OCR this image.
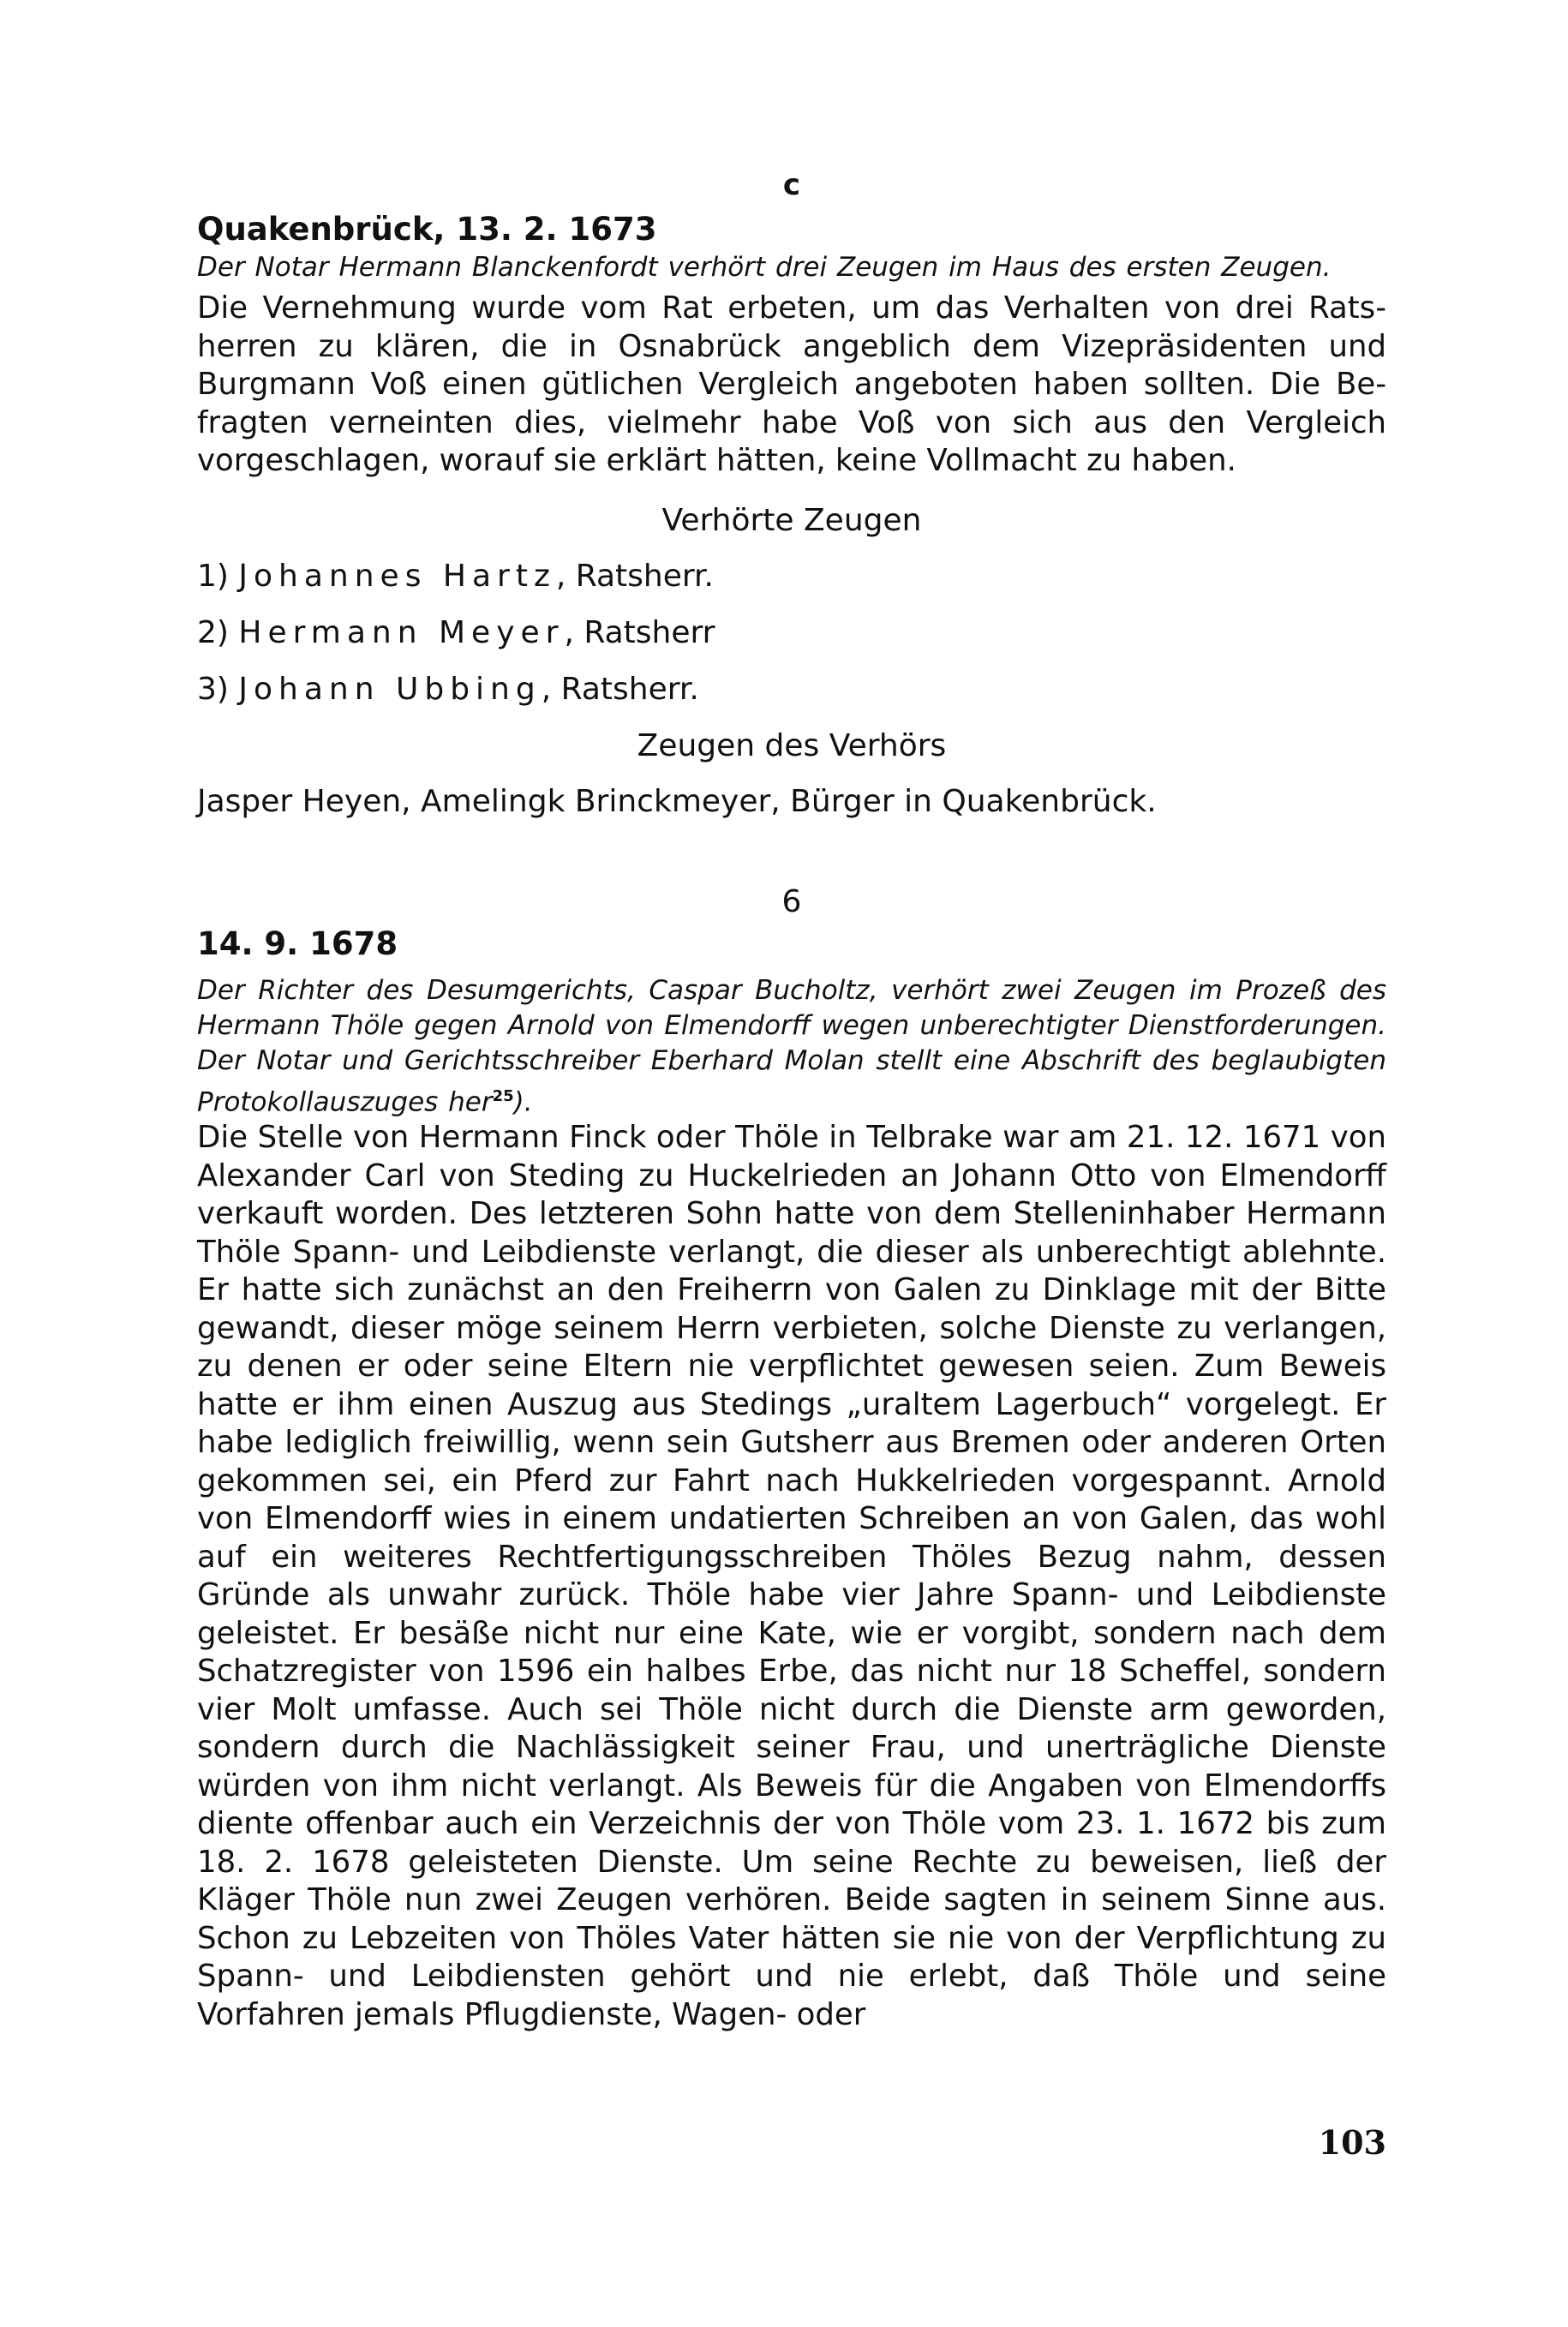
c
Quakenbrück, 13. 2. 1673
Der Notar Hermann Blanckenfordt verhört drei Zeugen im Haus des ersten Zeugen.
Die Vernehmung wurde vom Rat erbeten, um das Verhalten von drei Ratsherren zu klären, die in Osnabrück angeblich dem Vizepräsidenten und Burgmann Voß einen gütlichen Vergleich angeboten haben sollten. Die Befragten verneinten dies, vielmehr habe Voß von sich aus den Vergleich vorgeschlagen, worauf sie erklärt hätten, keine Vollmacht zu haben.
Verhörte Zeugen
1) Johannes Hartz, Ratsherr.
2) Hermann Meyer, Ratsherr
3) Johann Ubbing, Ratsherr.
Zeugen des Verhörs
Jasper Heyen, Amelingk Brinckmeyer, Bürger in Quakenbrück.
6
14. 9. 1678
Der Richter des Desumgerichts, Caspar Bucholtz, verhört zwei Zeugen im Prozeß des Hermann Thöle gegen Arnold von Elmendorff wegen unberechtigter Dienstforderungen. Der Notar und Gerichtsschreiber Eberhard Molan stellt eine Abschrift des beglaubigten Protokollauszuges her$^{25}$).
Die Stelle von Hermann Finck oder Thöle in Telbrake war am 21. 12. 1671 von Alexander Carl von Steding zu Huckelrieden an Johann Otto von Elmendorff verkauft worden. Des letzteren Sohn hatte von dem Stelleninhaber Hermann Thöle Spann- und Leibdienste verlangt, die dieser als unberechtigt ablehnte. Er hatte sich zunächst an den Freiherrn von Galen zu Dinklage mit der Bitte gewandt, dieser möge seinem Herrn verbieten, solche Dienste zu verlangen, zu denen er oder seine Eltern nie verpflichtet gewesen seien. Zum Beweis hatte er ihm einen Auszug aus Stedings „uraltem Lagerbuch“ vorgelegt. Er habe lediglich freiwillig, wenn sein Gutsherr aus Bremen oder anderen Orten gekommen sei, ein Pferd zur Fahrt nach Hukkelrieden vorgespannt. Arnold von Elmendorff wies in einem undatierten Schreiben an von Galen, das wohl auf ein weiteres Rechtfertigungsschreiben Thöles Bezug nahm, dessen Gründe als unwahr zurück. Thöle habe vier Jahre Spann- und Leibdienste geleistet. Er besäße nicht nur eine Kate, wie er vorgibt, sondern nach dem Schatzregister von 1596 ein halbes Erbe, das nicht nur 18 Scheffel, sondern vier Molt umfasse. Auch sei Thöle nicht durch die Dienste arm geworden, sondern durch die Nachlässigkeit seiner Frau, und unerträgliche Dienste würden von ihm nicht verlangt. Als Beweis für die Angaben von Elmendorffs diente offenbar auch ein Verzeichnis der von Thöle vom 23. 1. 1672 bis zum 18. 2. 1678 geleisteten Dienste. Um seine Rechte zu beweisen, ließ der Kläger Thöle nun zwei Zeugen verhören. Beide sagten in seinem Sinne aus. Schon zu Lebzeiten von Thöles Vater hätten sie nie von der Verpflichtung zu Spann- und Leibdiensten gehört und nie erlebt, daß Thöle und seine Vorfahren jemals Pflugdienste, Wagen- oder
103
